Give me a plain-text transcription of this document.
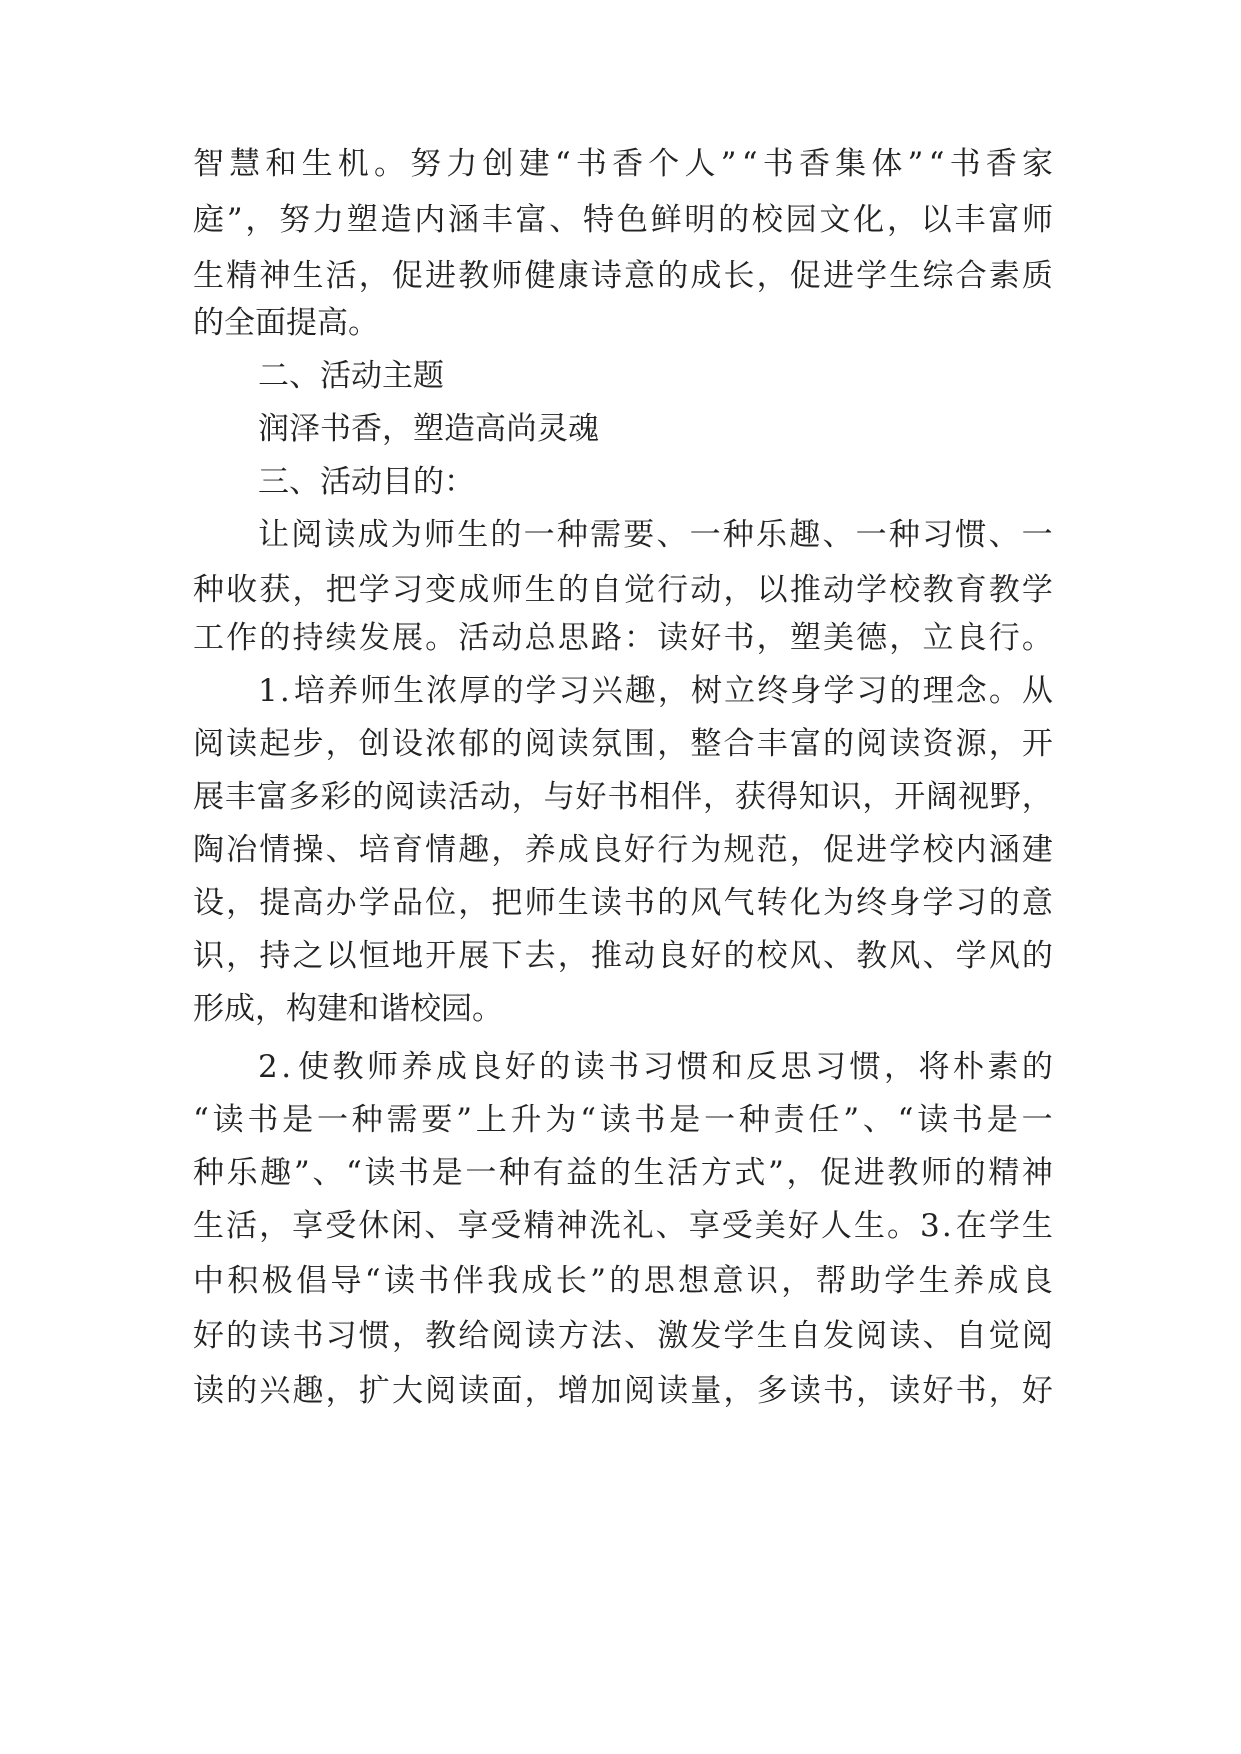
智 慧 和 生 机 。 努 力 创 建 “ 书 香 个 人 ” “ 书 香 集 体 ” “ 书 香 家
庭 ” ， 努 力 塑 造 内 涵 丰 富 、 特 色 鲜 明 的 校 园 文 化 ， 以 丰 富 师
生 精 神 生 活 ， 促 进 教 师 健 康 诗 意 的 成 长 ， 促 进 学 生 综 合 素 质
的全面提高。
二、活动主题
润泽书香，塑造高尚灵魂
三、活动目的：
让 阅 读 成 为 师 生 的 一 种 需 要 、 一 种 乐 趣 、 一 种 习 惯 、 一
种 收 获 ， 把 学 习 变 成 师 生 的 自 觉 行 动 ， 以 推 动 学 校 教 育 教 学
工 作 的 持 续 发 展 。 活 动 总 思 路 ： 读 好 书 ， 塑 美 德 ， 立 良 行 。
1 . 培 养 师 生 浓 厚 的 学 习 兴 趣 ， 树 立 终 身 学 习 的 理 念 。 从
阅 读 起 步 ， 创 设 浓 郁 的 阅 读 氛 围 ， 整 合 丰 富 的 阅 读 资 源 ， 开
展 丰 富 多 彩 的 阅 读 活 动 ， 与 好 书 相 伴 ， 获 得 知 识 ， 开 阔 视 野 ，
陶 冶 情 操 、 培 育 情 趣 ， 养 成 良 好 行 为 规 范 ， 促 进 学 校 内 涵 建
设 ， 提 高 办 学 品 位 ， 把 师 生 读 书 的 风 气 转 化 为 终 身 学 习 的 意
识 ， 持 之 以 恒 地 开 展 下 去 ， 推 动 良 好 的 校 风 、 教 风 、 学 风 的
形成，构建和谐校园。
2 . 使 教 师 养 成 良 好 的 读 书 习 惯 和 反 思 习 惯 ， 将 朴 素 的
“ 读 书 是 一 种 需 要 ” 上 升 为 “ 读 书 是 一 种 责 任 ” 、 “ 读 书 是 一
种 乐 趣 ” 、 “ 读 书 是 一 种 有 益 的 生 活 方 式 ” ， 促 进 教 师 的 精 神
生 活 ， 享 受 休 闲 、 享 受 精 神 洗 礼 、 享 受 美 好 人 生 。 3 . 在 学 生
中 积 极 倡 导 “ 读 书 伴 我 成 长 ” 的 思 想 意 识 ， 帮 助 学 生 养 成 良
好 的 读 书 习 惯 ， 教 给 阅 读 方 法 、 激 发 学 生 自 发 阅 读 、 自 觉 阅
读 的 兴 趣 ， 扩 大 阅 读 面 ， 增 加 阅 读 量 ， 多 读 书 ， 读 好 书 ， 好
